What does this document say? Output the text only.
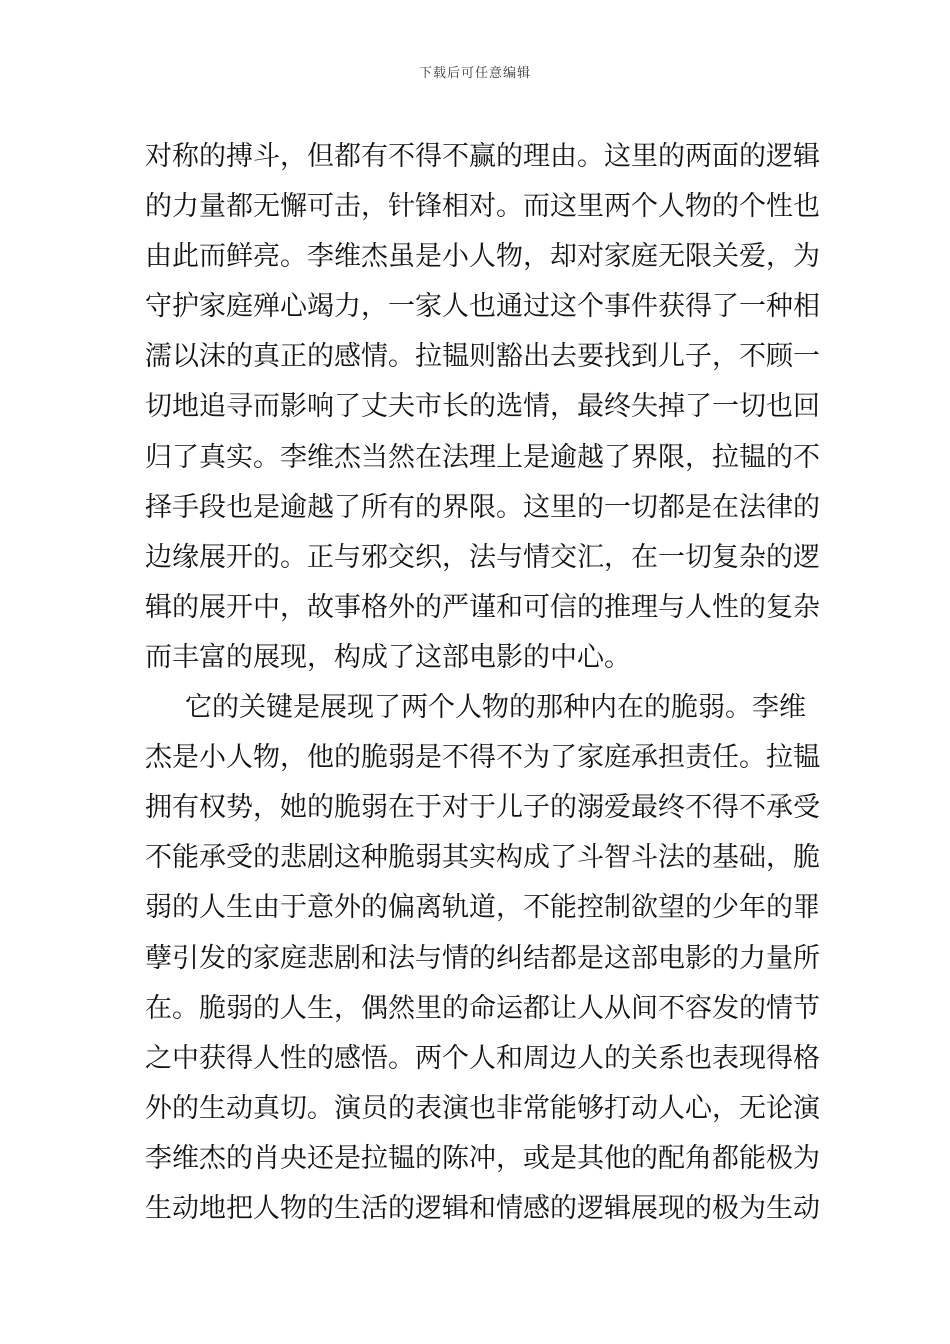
下载后可任意编辑
对称的搏斗，但都有不得不赢的理由。这里的两面的逻辑
的力量都无懈可击，针锋相对。而这里两个人物的个性也
由此而鲜亮。李维杰虽是小人物，却对家庭无限关爱，为
守护家庭殚心竭力，一家人也通过这个事件获得了一种相
濡以沫的真正的感情。拉韫则豁出去要找到儿子，不顾一
切地追寻而影响了丈夫市长的选情，最终失掉了一切也回
归了真实。李维杰当然在法理上是逾越了界限，拉韫的不
择手段也是逾越了所有的界限。这里的一切都是在法律的
边缘展开的。正与邪交织，法与情交汇，在一切复杂的逻
辑的展开中，故事格外的严谨和可信的推理与人性的复杂
而丰富的展现，构成了这部电影的中心。
它的关键是展现了两个人物的那种内在的脆弱。李维
杰是小人物，他的脆弱是不得不为了家庭承担责任。拉韫
拥有权势，她的脆弱在于对于儿子的溺爱最终不得不承受
不能承受的悲剧这种脆弱其实构成了斗智斗法的基础，脆
弱的人生由于意外的偏离轨道，不能控制欲望的少年的罪
孽引发的家庭悲剧和法与情的纠结都是这部电影的力量所
在。脆弱的人生，偶然里的命运都让人从间不容发的情节
之中获得人性的感悟。两个人和周边人的关系也表现得格
外的生动真切。演员的表演也非常能够打动人心，无论演
李维杰的肖央还是拉韫的陈冲，或是其他的配角都能极为
生动地把人物的生活的逻辑和情感的逻辑展现的极为生动
